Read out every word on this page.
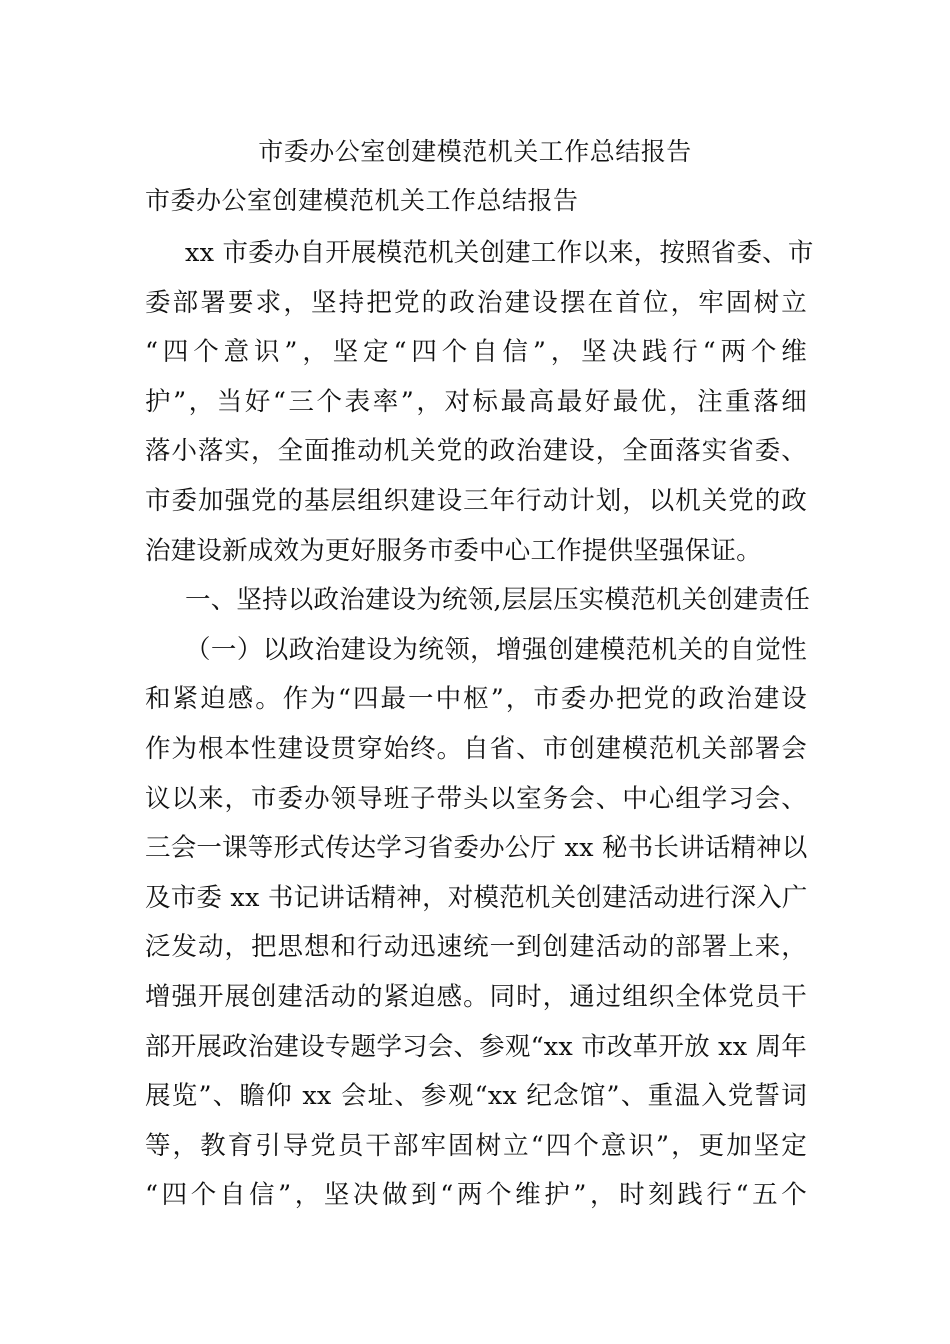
市委办公室创建模范机关工作总结报告
市委办公室创建模范机关工作总结报告
xx 市委办自开展模范机关创建工作以来，按照省委、市
委部署要求，坚持把党的政治建设摆在首位，牢固树立
“四个意识”，坚定“四个自信”，坚决践行“两个维
护”，当好“三个表率”，对标最高最好最优，注重落细
落小落实，全面推动机关党的政治建设，全面落实省委、
市委加强党的基层组织建设三年行动计划，以机关党的政
治建设新成效为更好服务市委中心工作提供坚强保证。
一、坚持以政治建设为统领,层层压实模范机关创建责任
（一）以政治建设为统领，增强创建模范机关的自觉性
和紧迫感。作为“四最一中枢”，市委办把党的政治建设
作为根本性建设贯穿始终。自省、市创建模范机关部署会
议以来，市委办领导班子带头以室务会、中心组学习会、
三会一课等形式传达学习省委办公厅 xx 秘书长讲话精神以
及市委 xx 书记讲话精神，对模范机关创建活动进行深入广
泛发动，把思想和行动迅速统一到创建活动的部署上来，
增强开展创建活动的紧迫感。同时，通过组织全体党员干
部开展政治建设专题学习会、参观“xx 市改革开放 xx 周年
展览”、瞻仰 xx 会址、参观“xx 纪念馆”、重温入党誓词
等，教育引导党员干部牢固树立“四个意识”，更加坚定
“四个自信”，坚决做到“两个维护”，时刻践行“五个
